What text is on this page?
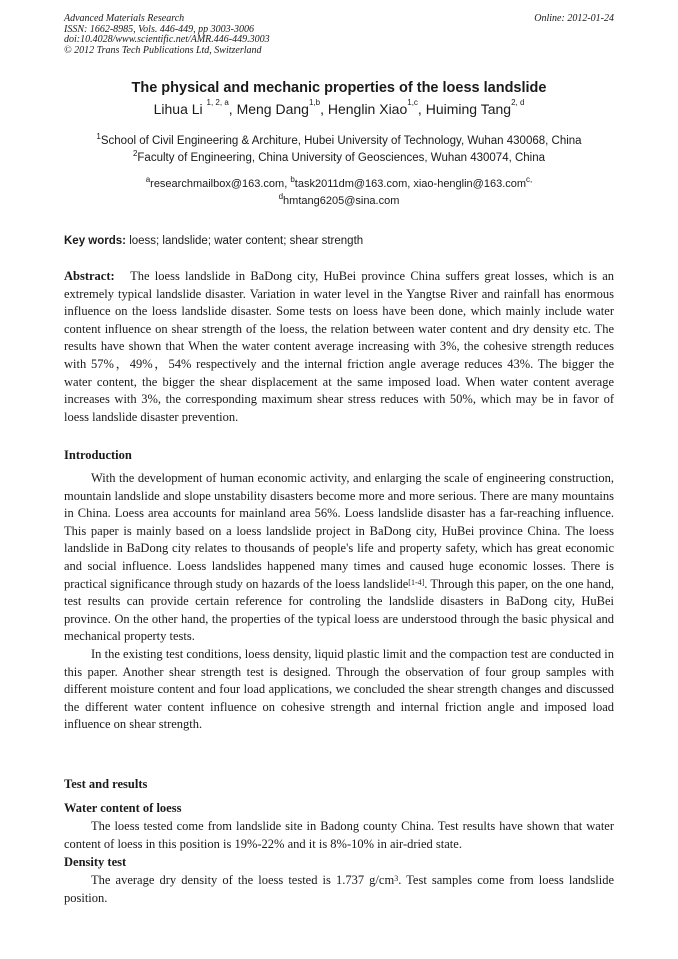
Advanced Materials Research
ISSN: 1662-8985, Vols. 446-449, pp 3003-3006
doi:10.4028/www.scientific.net/AMR.446-449.3003
© 2012 Trans Tech Publications Ltd, Switzerland
Online: 2012-01-24
The physical and mechanic properties of the loess landslide
Lihua Li $^{1, 2, a}$, Meng Dang$^{1,b}$, Henglin Xiao$^{1,c}$, Huiming Tang$^{2, d}$
$^1$School of Civil Engineering & Architure, Hubei University of Technology, Wuhan 430068, China
$^2$Faculty of Engineering, China University of Geosciences, Wuhan 430074, China
$^a$researchmailbox@163.com, $^b$task2011dm@163.com, xiao-henglin@163.com$^{c,}$
$^d$hmtang6205@sina.com
Key words: loess; landslide; water content; shear strength
Abstract:   The loess landslide in BaDong city, HuBei province China suffers great losses, which is an extremely typical landslide disaster. Variation in water level in the Yangtse River and rainfall has enormous influence on the loess landslide disaster. Some tests on loess have been done, which mainly include water content influence on shear strength of the loess, the relation between water content and dry density etc. The results have shown that When the water content average increasing with 3%, the cohesive strength reduces with 57%，49%，54% respectively and the internal friction angle average reduces 43%. The bigger the water content, the bigger the shear displacement at the same imposed load. When water content average increases with 3%, the corresponding maximum shear stress reduces with 50%, which may be in favor of loess landslide disaster prevention.
Introduction

With the development of human economic activity, and enlarging the scale of engineering construction, mountain landslide and slope unstability disasters become more and more serious. There are many mountains in China. Loess area accounts for mainland area 56%. Loess landslide disaster has a far-reaching influence. This paper is mainly based on a loess landslide project in BaDong city, HuBei province China. The loess landslide in BaDong city relates to thousands of people's life and property safety, which has great economic and social influence. Loess landslides happened many times and caused huge economic losses. There is practical significance through study on hazards of the loess landslide[1-4]. Through this paper, on the one hand, test results can provide certain reference for controling the landslide disasters in BaDong city, HuBei province. On the other hand, the properties of the typical loess are understood through the basic physical and mechanical property tests.

In the existing test conditions, loess density, liquid plastic limit and the compaction test are conducted in this paper. Another shear strength test is designed. Through the observation of four group samples with different moisture content and four load applications, we concluded the shear strength changes and discussed the different water content influence on cohesive strength and internal friction angle and imposed load influence on shear strength.

Test and results
Water content of loess

The loess tested come from landslide site in Badong county China. Test results have shown that water content of loess in this position is 19%-22% and it is 8%-10% in air-dried state.

Density test

The average dry density of the loess tested is 1.737 g/cm$^3$. Test samples come from loess landslide position.
